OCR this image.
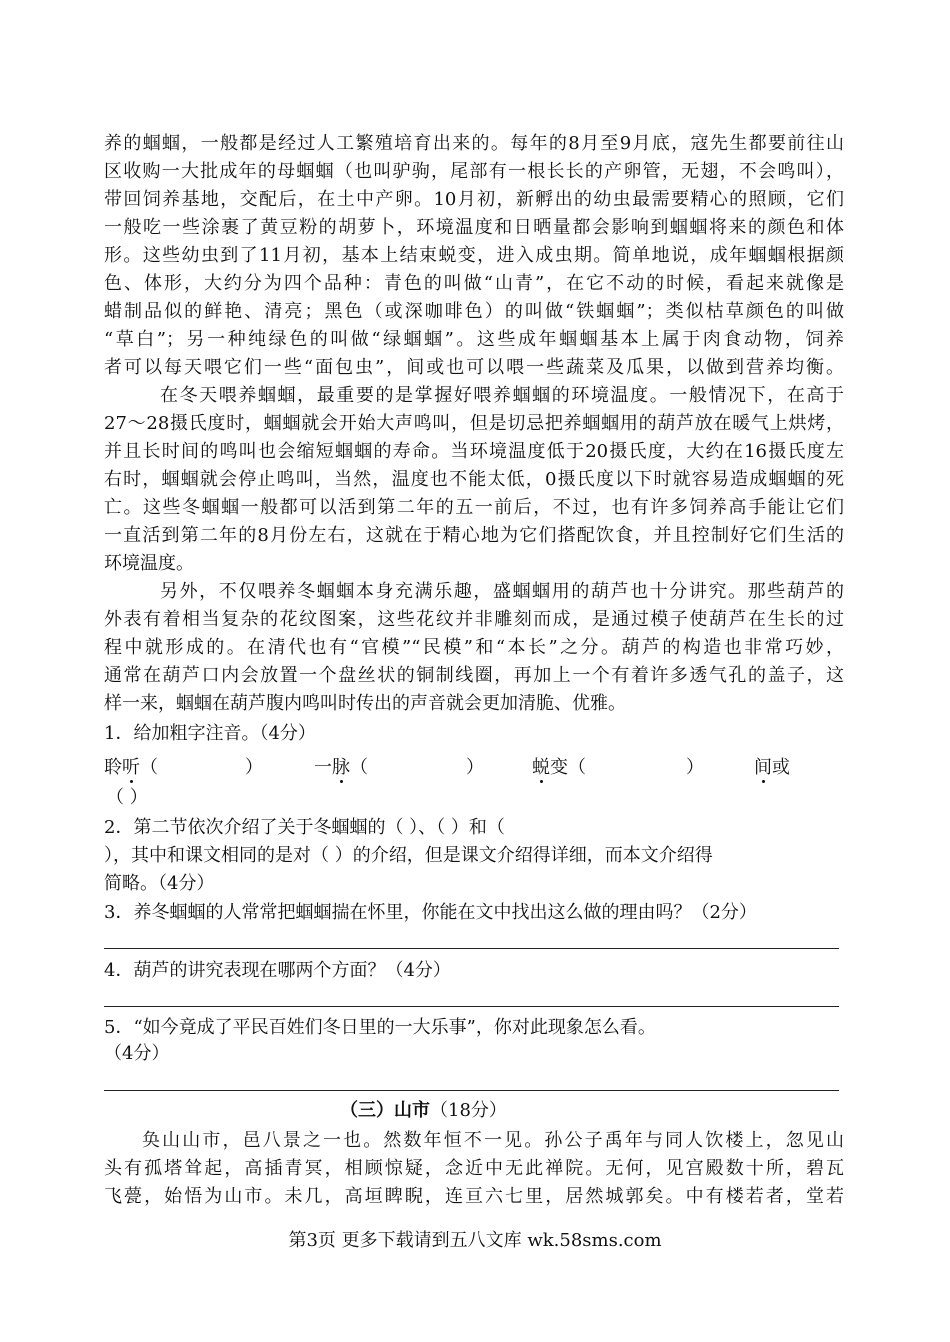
养的蝈蝈，一般都是经过人工繁殖培育出来的。每年的8月至9月底，寇先生都要前往山
区收购一大批成年的母蝈蝈（也叫驴驹，尾部有一根长长的产卵管，无翅，不会鸣叫），
带回饲养基地，交配后，在土中产卵。10月初，新孵出的幼虫最需要精心的照顾，它们
一般吃一些涂裹了黄豆粉的胡萝卜，环境温度和日晒量都会影响到蝈蝈将来的颜色和体
形。这些幼虫到了11月初，基本上结束蜕变，进入成虫期。简单地说，成年蝈蝈根据颜
色、体形，大约分为四个品种：青色的叫做“山青”，在它不动的时候，看起来就像是
蜡制品似的鲜艳、清亮；黑色（或深咖啡色）的叫做“铁蝈蝈”；类似枯草颜色的叫做
“草白”；另一种纯绿色的叫做“绿蝈蝈”。这些成年蝈蝈基本上属于肉食动物，饲养
者可以每天喂它们一些“面包虫”，间或也可以喂一些蔬菜及瓜果，以做到营养均衡。
在冬天喂养蝈蝈，最重要的是掌握好喂养蝈蝈的环境温度。一般情况下，在高于
27～28摄氏度时，蝈蝈就会开始大声鸣叫，但是切忌把养蝈蝈用的葫芦放在暖气上烘烤，
并且长时间的鸣叫也会缩短蝈蝈的寿命。当环境温度低于20摄氏度，大约在16摄氏度左
右时，蝈蝈就会停止鸣叫，当然，温度也不能太低，0摄氏度以下时就容易造成蝈蝈的死
亡。这些冬蝈蝈一般都可以活到第二年的五一前后，不过，也有许多饲养高手能让它们
一直活到第二年的8月份左右，这就在于精心地为它们搭配饮食，并且控制好它们生活的
环境温度。
另外，不仅喂养冬蝈蝈本身充满乐趣，盛蝈蝈用的葫芦也十分讲究。那些葫芦的
外表有着相当复杂的花纹图案，这些花纹并非雕刻而成，是通过模子使葫芦在生长的过
程中就形成的。在清代也有“官模”“民模”和“本长”之分。葫芦的构造也非常巧妙，
通常在葫芦口内会放置一个盘丝状的铜制线圈，再加上一个有着许多透气孔的盖子，这
样一来，蝈蝈在葫芦腹内鸣叫时传出的声音就会更加清脆、优雅。
1．给加粗字注音。（4分）
聆听（	）	一脉（	）	蜕变（	）	间或
（ ）
2．第二节依次介绍了关于冬蝈蝈的（ ）、（ ）和（
），其中和课文相同的是对（ ）的介绍，但是课文介绍得详细，而本文介绍得
简略。（4分）
3．养冬蝈蝈的人常常把蝈蝈揣在怀里，你能在文中找出这么做的理由吗？（2分）
4．葫芦的讲究表现在哪两个方面？（4分）
5．“如今竟成了平民百姓们冬日里的一大乐事”，你对此现象怎么看。
（4分）
（三）山市（18分）
奂山山市，邑八景之一也。然数年恒不一见。孙公子禹年与同人饮楼上，忽见山
头有孤塔耸起，高插青冥，相顾惊疑，念近中无此禅院。无何，见宫殿数十所，碧瓦
飞甍，始悟为山市。未几，高垣睥睨，连亘六七里，居然城郭矣。中有楼若者，堂若
第3页 更多下载请到五八文库 wk.58sms.com
